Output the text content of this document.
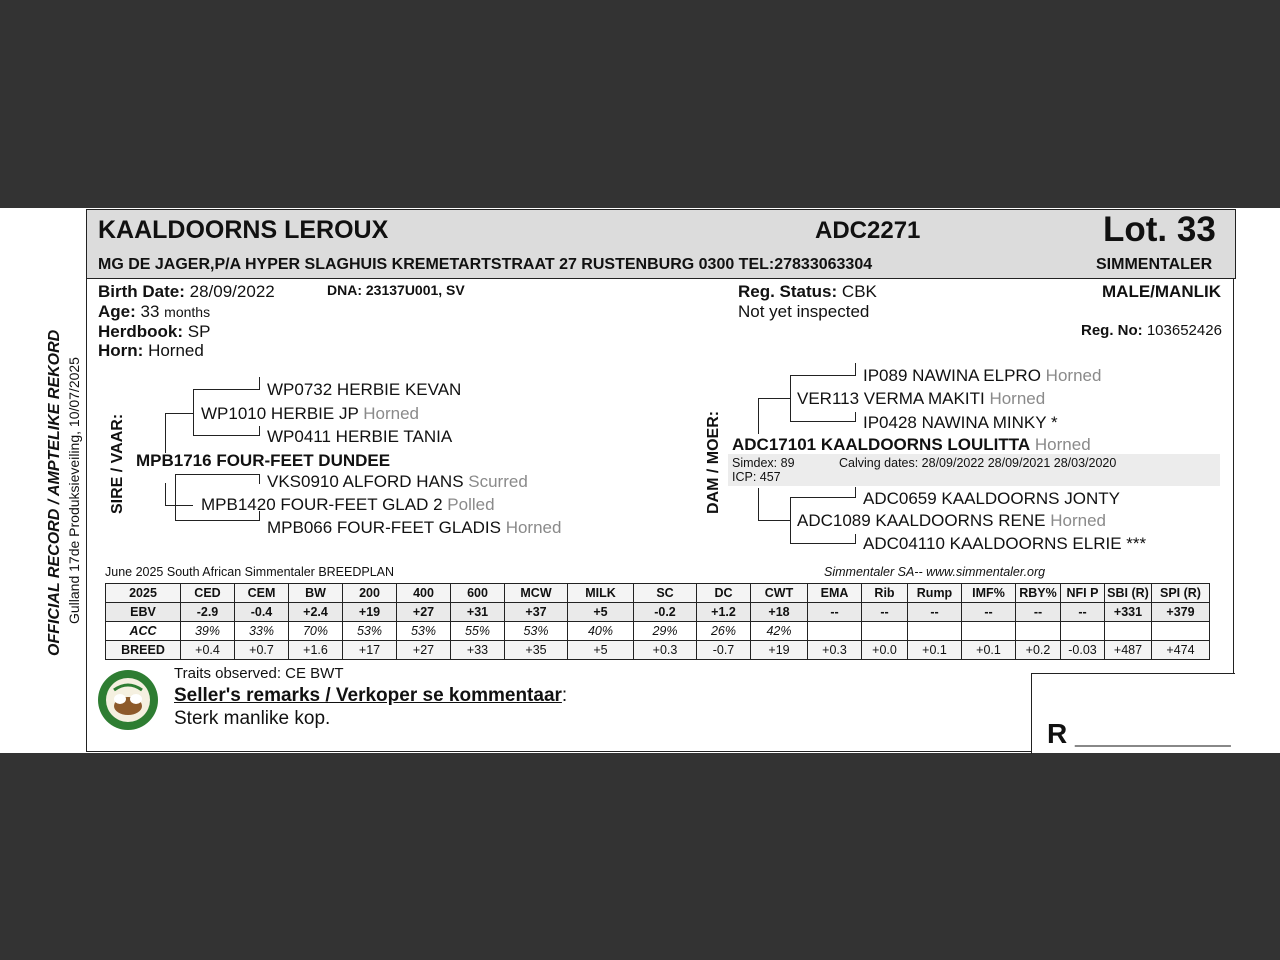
KAALDOORNS LEROUX	ADC2271	Lot. 33
MG DE JAGER,P/A HYPER SLAGHUIS KREMETARTSTRAAT 27 RUSTENBURG 0300 TEL:27833063304	SIMMENTALER
Birth Date: 28/09/2022	DNA: 23137U001, SV
Age: 33 months
Herdbook: SP
Horn: Horned
Reg. Status: CBK
Not yet inspected
MALE/MANLIK
Reg. No: 103652426
OFFICIAL RECORD / AMPTELIKE REKORD Gulland 17de Produksieveiling, 10/07/2025 SIRE / VAAR:	DAM / MOER:
WP0732 HERBIE KEVAN
WP1010 HERBIE JP Horned
WP0411 HERBIE TANIA
MPB1716 FOUR-FEET DUNDEE
VKS0910 ALFORD HANS Scurred
MPB1420 FOUR-FEET GLAD 2 Polled
MPB066 FOUR-FEET GLADIS Horned
IP089 NAWINA ELPRO Horned
VER113 VERMA MAKITI Horned
IP0428 NAWINA MINKY *
ADC17101 KAALDOORNS LOULITTA Horned
Simdex: 89	Calving dates: 28/09/2022 28/09/2021 28/03/2020
ICP: 457
ADC0659 KAALDOORNS JONTY
ADC1089 KAALDOORNS RENE Horned
ADC04110 KAALDOORNS ELRIE ***
June 2025 South African Simmentaler BREEDPLAN	Simmentaler SA-- www.simmentaler.org
2025	CED	CEM	BW	200	400	600	MCW	MILK	SC	DC	CWT	EMA	Rib	Rump	IMF%	RBY%	NFI P	SBI (R)	SPI (R)
EBV	-2.9	-0.4	+2.4	+19	+27	+31	+37	+5	-0.2	+1.2	+18	--	--	--	--	--	--	+331	+379
ACC	39%	33%	70%	53%	53%	55%	53%	40%	29%	26%	42%								
BREED	+0.4	+0.7	+1.6	+17	+27	+33	+35	+5	+0.3	-0.7	+19	+0.3	+0.0	+0.1	+0.1	+0.2	-0.03	+487	+474
Traits observed: CE BWT
Seller's remarks / Verkoper se kommentaar:
Sterk manlike kop.	R __________
